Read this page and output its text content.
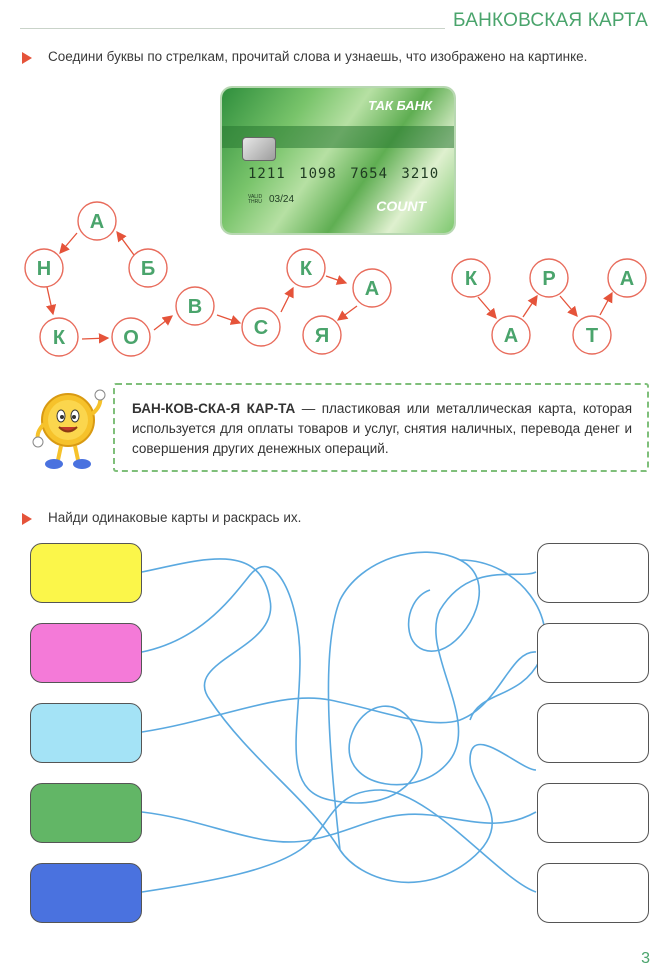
БАНКОВСКАЯ КАРТА
Соедини буквы по стрелкам, прочитай слова и узнаешь, что изображено на картинке.
ТАК БАНК
1211 1098 7654 3210
VALID
THRU 03/24	COUNT
А
Н	Б
К	О
В
С
К
А
Я
К	Р	А
А	Т
БАН-КОВ-СКА-Я КАР-ТА — пластиковая или металлическая карта, которая используется для оплаты товаров и услуг, снятия наличных, перевода денег и совершения других денежных операций.
Найди одинаковые карты и раскрась их.
3
